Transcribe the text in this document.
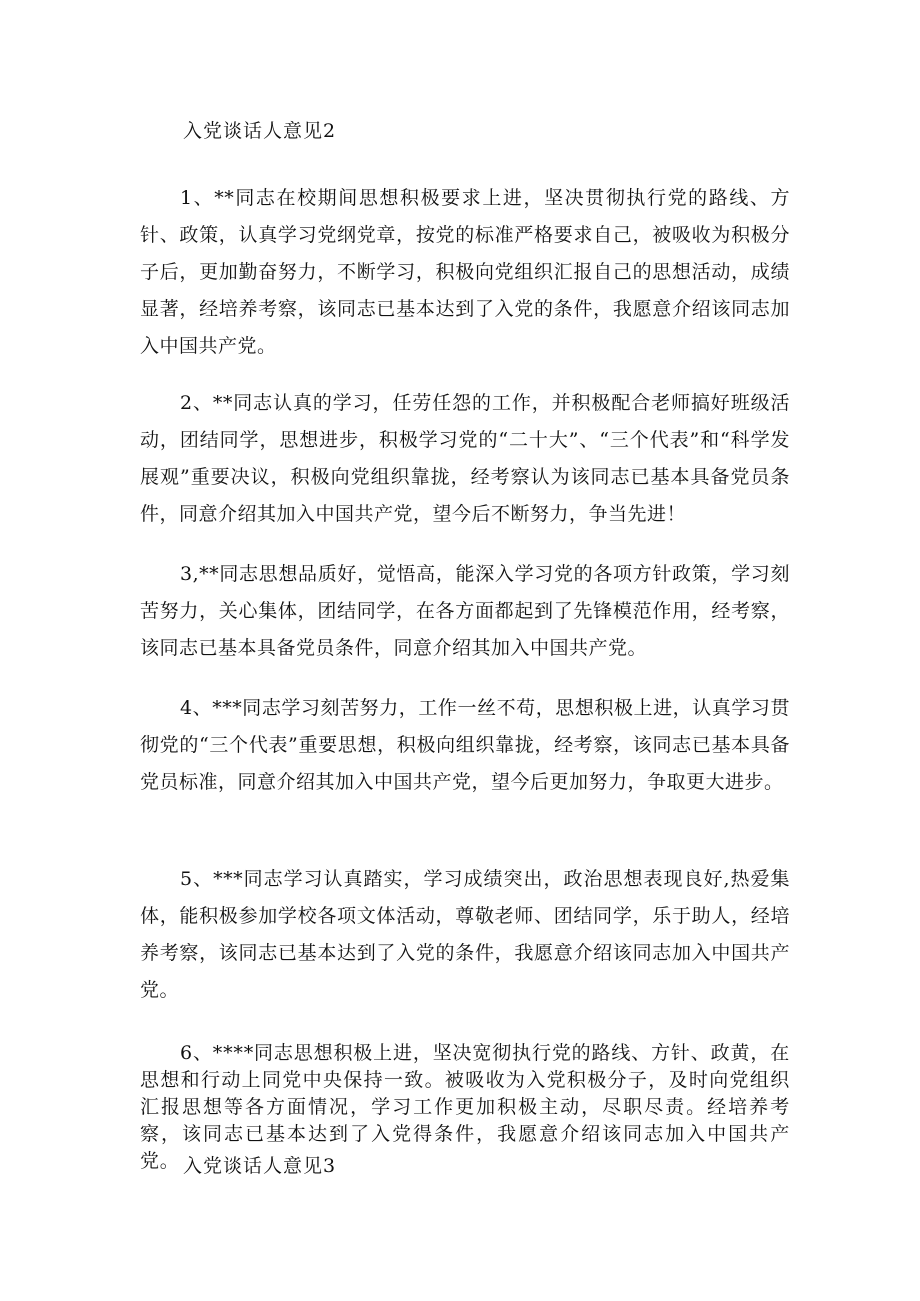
入党谈话人意见2
1、**同志在校期间思想积极要求上进，坚决贯彻执行党的路线、方针、政策，认真学习党纲党章，按党的标准严格要求自己，被吸收为积极分子后，更加勤奋努力，不断学习，积极向党组织汇报自己的思想活动，成绩显著，经培养考察，该同志已基本达到了入党的条件，我愿意介绍该同志加入中国共产党。
2、**同志认真的学习，任劳任怨的工作，并积极配合老师搞好班级活动，团结同学，思想进步，积极学习党的“二十大”、“三个代表”和“科学发展观”重要决议，积极向党组织靠拢，经考察认为该同志已基本具备党员条件，同意介绍其加入中国共产党，望今后不断努力，争当先进！
3,**同志思想品质好，觉悟高，能深入学习党的各项方针政策，学习刻苦努力，关心集体，团结同学，在各方面都起到了先锋模范作用，经考察，该同志已基本具备党员条件，同意介绍其加入中国共产党。
4、***同志学习刻苦努力，工作一丝不苟，思想积极上进，认真学习贯彻党的“三个代表”重要思想，积极向组织靠拢，经考察，该同志已基本具备党员标准，同意介绍其加入中国共产党，望今后更加努力，争取更大进步。
5、***同志学习认真踏实，学习成绩突出，政治思想表现良好,热爱集体，能积极参加学校各项文体活动，尊敬老师、团结同学，乐于助人，经培养考察，该同志已基本达到了入党的条件，我愿意介绍该同志加入中国共产党。
6、****同志思想积极上进，坚决宽彻执行党的路线、方针、政黄，在思想和行动上同党中央保持一致。被吸收为入党积极分子，及时向党组织汇报思想等各方面情况，学习工作更加积极主动，尽职尽责。经培养考察，该同志已基本达到了入党得条件，我愿意介绍该同志加入中国共产党。 入党谈话人意见3
